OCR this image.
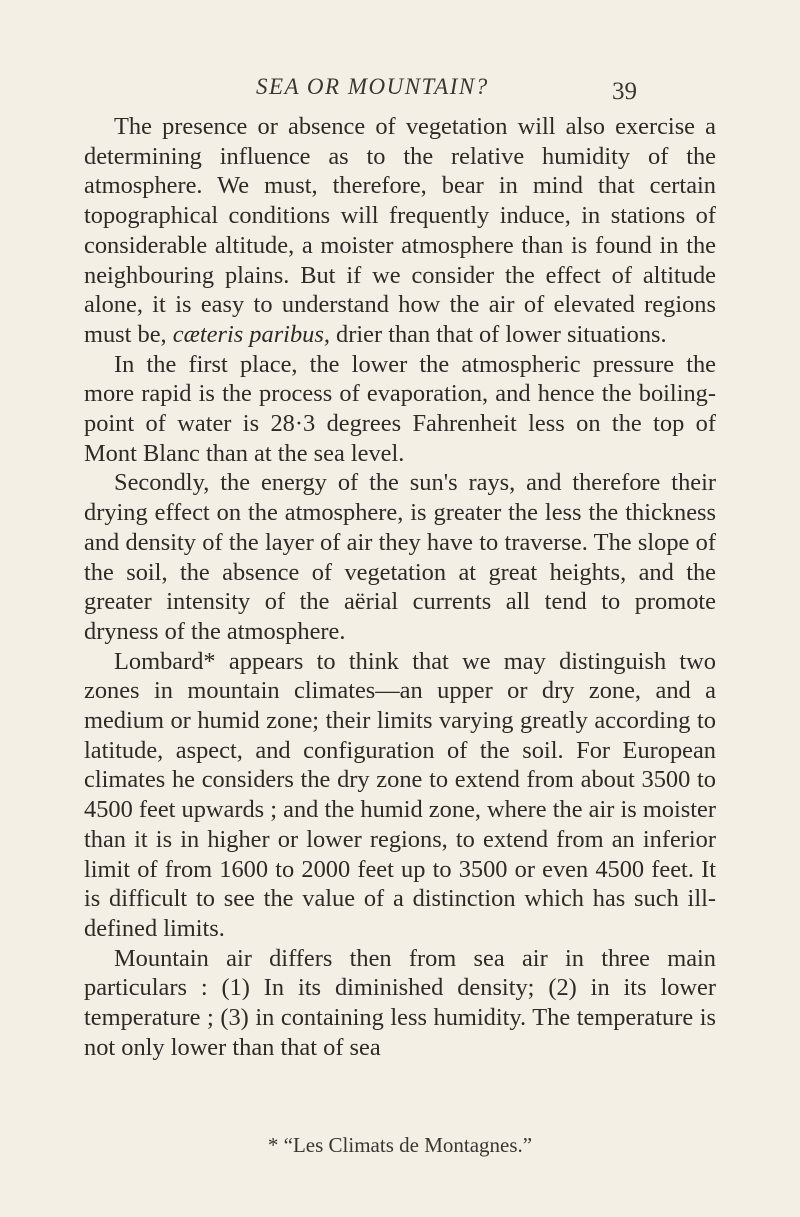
SEA OR MOUNTAIN?	39

The presence or absence of vegetation will also exercise a determining influence as to the relative humidity of the atmosphere. We must, therefore, bear in mind that certain topographical conditions will frequently induce, in stations of considerable altitude, a moister atmosphere than is found in the neighbouring plains. But if we consider the effect of altitude alone, it is easy to understand how the air of elevated regions must be, cæteris paribus, drier than that of lower situations.

In the first place, the lower the atmospheric pressure the more rapid is the process of evaporation, and hence the boiling-point of water is 28·3 degrees Fahrenheit less on the top of Mont Blanc than at the sea level.

Secondly, the energy of the sun's rays, and therefore their drying effect on the atmosphere, is greater the less the thickness and density of the layer of air they have to traverse. The slope of the soil, the absence of vegetation at great heights, and the greater intensity of the aërial currents all tend to promote dryness of the atmosphere.

Lombard* appears to think that we may distinguish two zones in mountain climates—an upper or dry zone, and a medium or humid zone; their limits varying greatly according to latitude, aspect, and configuration of the soil. For European climates he considers the dry zone to extend from about 3500 to 4500 feet upwards ; and the humid zone, where the air is moister than it is in higher or lower regions, to extend from an inferior limit of from 1600 to 2000 feet up to 3500 or even 4500 feet. It is difficult to see the value of a distinction which has such ill-defined limits.

Mountain air differs then from sea air in three main particulars : (1) In its diminished density; (2) in its lower temperature ; (3) in containing less humidity. The temperature is not only lower than that of sea

* “Les Climats de Montagnes.”
